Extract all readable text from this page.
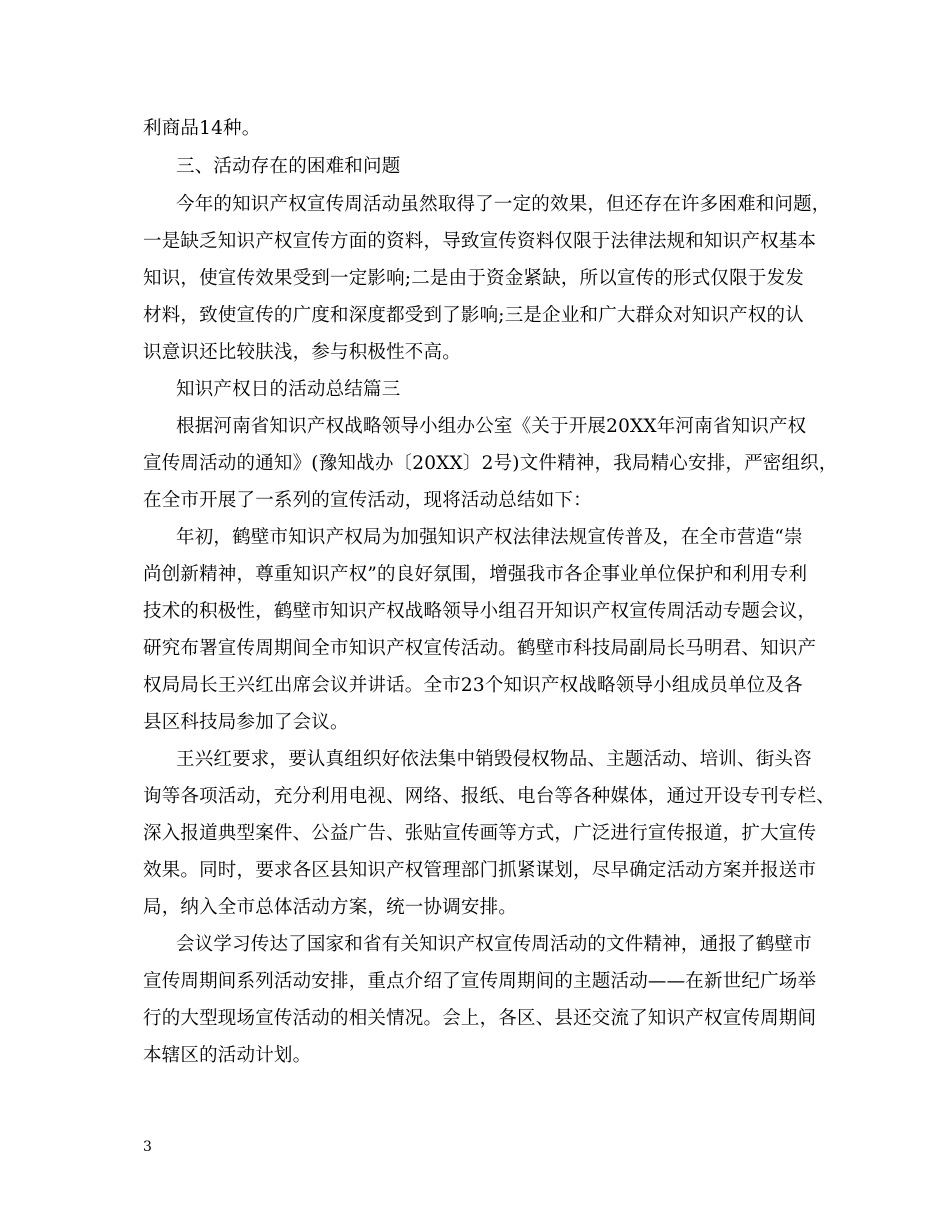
利商品14种。
三、活动存在的困难和问题
今年的知识产权宣传周活动虽然取得了一定的效果，但还存在许多困难和问题，
一是缺乏知识产权宣传方面的资料，导致宣传资料仅限于法律法规和知识产权基本
知识，使宣传效果受到一定影响;二是由于资金紧缺，所以宣传的形式仅限于发发
材料，致使宣传的广度和深度都受到了影响;三是企业和广大群众对知识产权的认
识意识还比较肤浅，参与积极性不高。
知识产权日的活动总结篇三
根据河南省知识产权战略领导小组办公室《关于开展20XX年河南省知识产权
宣传周活动的通知》(豫知战办〔20XX〕2号)文件精神，我局精心安排，严密组织，
在全市开展了一系列的宣传活动，现将活动总结如下：
年初，鹤壁市知识产权局为加强知识产权法律法规宣传普及，在全市营造“崇
尚创新精神，尊重知识产权”的良好氛围，增强我市各企事业单位保护和利用专利
技术的积极性，鹤壁市知识产权战略领导小组召开知识产权宣传周活动专题会议，
研究布署宣传周期间全市知识产权宣传活动。鹤壁市科技局副局长马明君、知识产
权局局长王兴红出席会议并讲话。全市23个知识产权战略领导小组成员单位及各
县区科技局参加了会议。
王兴红要求，要认真组织好依法集中销毁侵权物品、主题活动、培训、街头咨
询等各项活动，充分利用电视、网络、报纸、电台等各种媒体，通过开设专刊专栏、
深入报道典型案件、公益广告、张贴宣传画等方式，广泛进行宣传报道，扩大宣传
效果。同时，要求各区县知识产权管理部门抓紧谋划，尽早确定活动方案并报送市
局，纳入全市总体活动方案，统一协调安排。
会议学习传达了国家和省有关知识产权宣传周活动的文件精神，通报了鹤壁市
宣传周期间系列活动安排，重点介绍了宣传周期间的主题活动——在新世纪广场举
行的大型现场宣传活动的相关情况。会上，各区、县还交流了知识产权宣传周期间
本辖区的活动计划。
3
